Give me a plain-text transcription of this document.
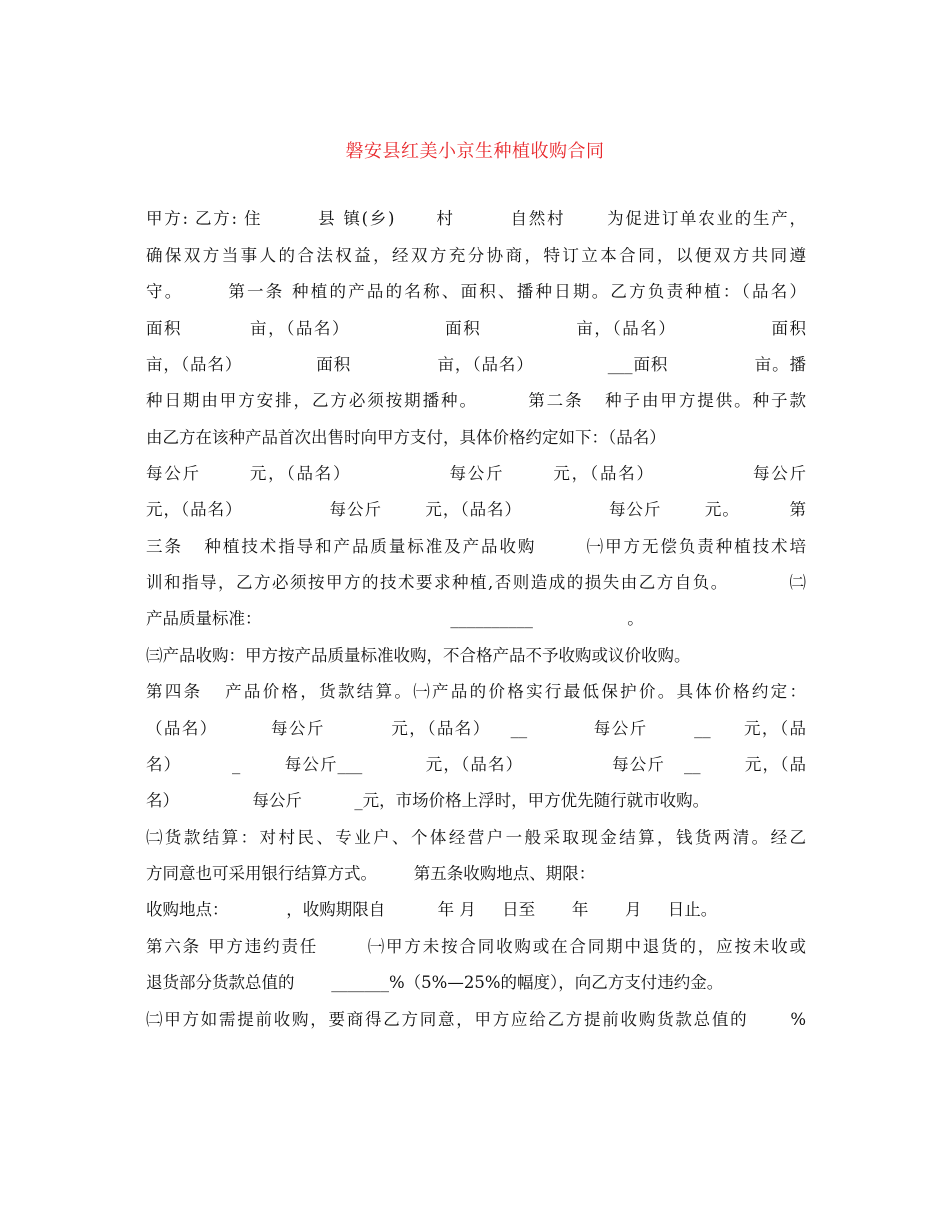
磐安县红美小京生种植收购合同
甲方: 乙方: 住        县 镇(乡)      村        自然村      为促进订单农业的生产，
确保双方当事人的合法权益，经双方充分协商，特订立本合同，以便双方共同遵
守。      第一条 种植的产品的名称、面积、播种日期。乙方负责种植：（品名）
面积          亩，（品名）              面积              亩，（品名）              面积
亩，（品名）            面积              亩，（品名）            ___面积              亩。播
种日期由甲方安排，乙方必须按期播种。       第二条   种子由甲方提供。种子款
由乙方在该种产品首次出售时向甲方支付，具体价格约定如下：（品名）
每公斤       元，（品名）              每公斤       元，（品名）              每公斤
元，（品名）              每公斤       元，（品名）              每公斤       元。        第
三条   种植技术指导和产品质量标准及产品收购       ㈠甲方无偿负责种植技术培
训和指导，乙方必须按甲方的技术要求种植,否则造成的损失由乙方自负。         ㈡
产品质量标准：                                    __________                  。
㈢产品收购：甲方按产品质量标准收购，不合格产品不予收购或议价收购。
第四条   产品价格，货款结算。㈠产品的价格实行最低保护价。具体价格约定：
（品名）        每公斤          元，（品名）   __          每公斤       __     元，（品
名）        _       每公斤___          元，（品名）              每公斤   __       元，（品
名）              每公斤          _元，市场价格上浮时，甲方优先随行就市收购。
㈡货款结算：对村民、专业户、个体经营户一般采取现金结算，钱货两清。经乙
方同意也可采用银行结算方式。       第五条收购地点、期限：
收购地点：           ，收购期限自          年 月     日至       年       月     日止。
第六条 甲方违约责任       ㈠甲方未按合同收购或在合同期中退货的，应按未收或
退货部分货款总值的       _______%（5%—25%的幅度），向乙方支付违约金。
㈡甲方如需提前收购，要商得乙方同意，甲方应给乙方提前收购货款总值的      %
